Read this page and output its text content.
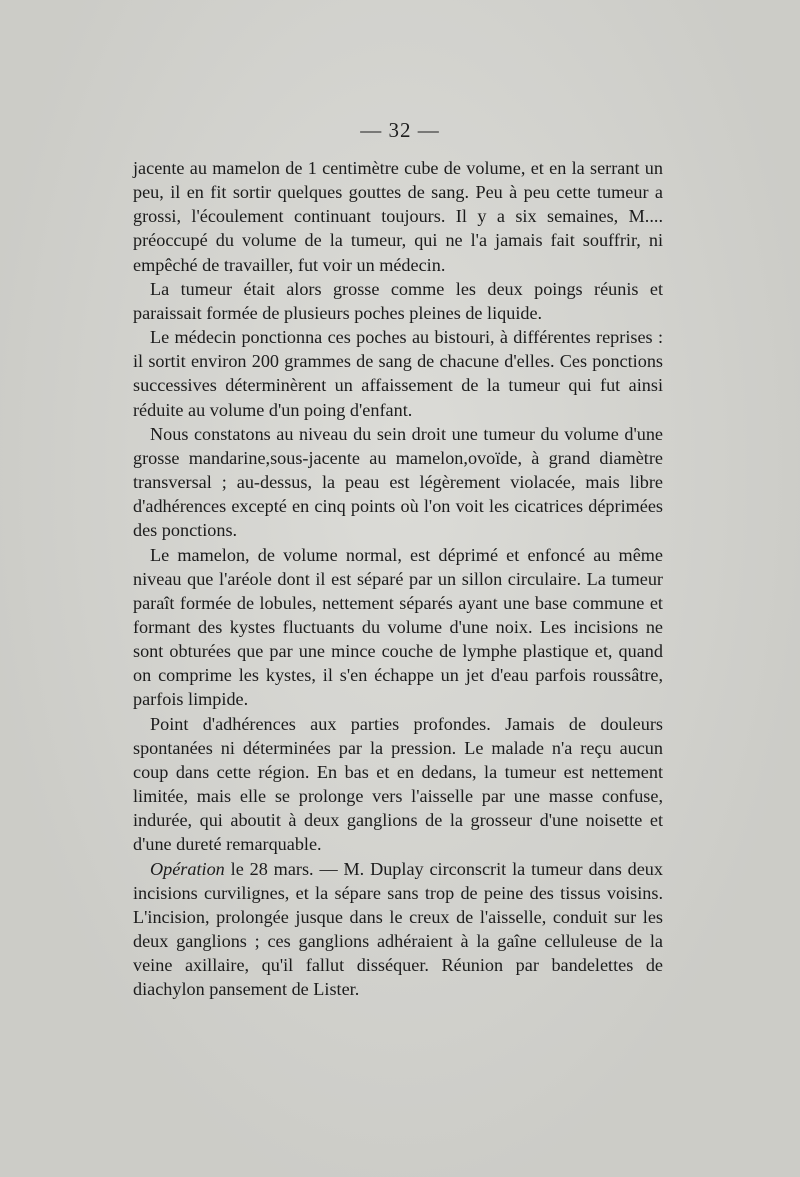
— 32 —

jacente au mamelon de 1 centimètre cube de volume, et en la serrant un peu, il en fit sortir quelques gouttes de sang. Peu à peu cette tumeur a grossi, l'écoulement continuant toujours. Il y a six semaines, M.... préoccupé du volume de la tumeur, qui ne l'a jamais fait souffrir, ni empêché de travailler, fut voir un médecin.

La tumeur était alors grosse comme les deux poings réunis et paraissait formée de plusieurs poches pleines de liquide.

Le médecin ponctionna ces poches au bistouri, à différentes reprises : il sortit environ 200 grammes de sang de chacune d'elles. Ces ponctions successives déterminèrent un affaissement de la tumeur qui fut ainsi réduite au volume d'un poing d'enfant.

Nous constatons au niveau du sein droit une tumeur du volume d'une grosse mandarine,sous-jacente au mamelon,ovoïde, à grand diamètre transversal ; au-dessus, la peau est légèrement violacée, mais libre d'adhérences excepté en cinq points où l'on voit les cicatrices déprimées des ponctions.

Le mamelon, de volume normal, est déprimé et enfoncé au même niveau que l'aréole dont il est séparé par un sillon circulaire. La tumeur paraît formée de lobules, nettement séparés ayant une base commune et formant des kystes fluctuants du volume d'une noix. Les incisions ne sont obturées que par une mince couche de lymphe plastique et, quand on comprime les kystes, il s'en échappe un jet d'eau parfois roussâtre, parfois limpide.

Point d'adhérences aux parties profondes. Jamais de douleurs spontanées ni déterminées par la pression. Le malade n'a reçu aucun coup dans cette région. En bas et en dedans, la tumeur est nettement limitée, mais elle se prolonge vers l'aisselle par une masse confuse, indurée, qui aboutit à deux ganglions de la grosseur d'une noisette et d'une dureté remarquable.

Opération le 28 mars. — M. Duplay circonscrit la tumeur dans deux incisions curvilignes, et la sépare sans trop de peine des tissus voisins. L'incision, prolongée jusque dans le creux de l'aisselle, conduit sur les deux ganglions ; ces ganglions adhéraient à la gaîne celluleuse de la veine axillaire, qu'il fallut disséquer. Réunion par bandelettes de diachylon pansement de Lister.
